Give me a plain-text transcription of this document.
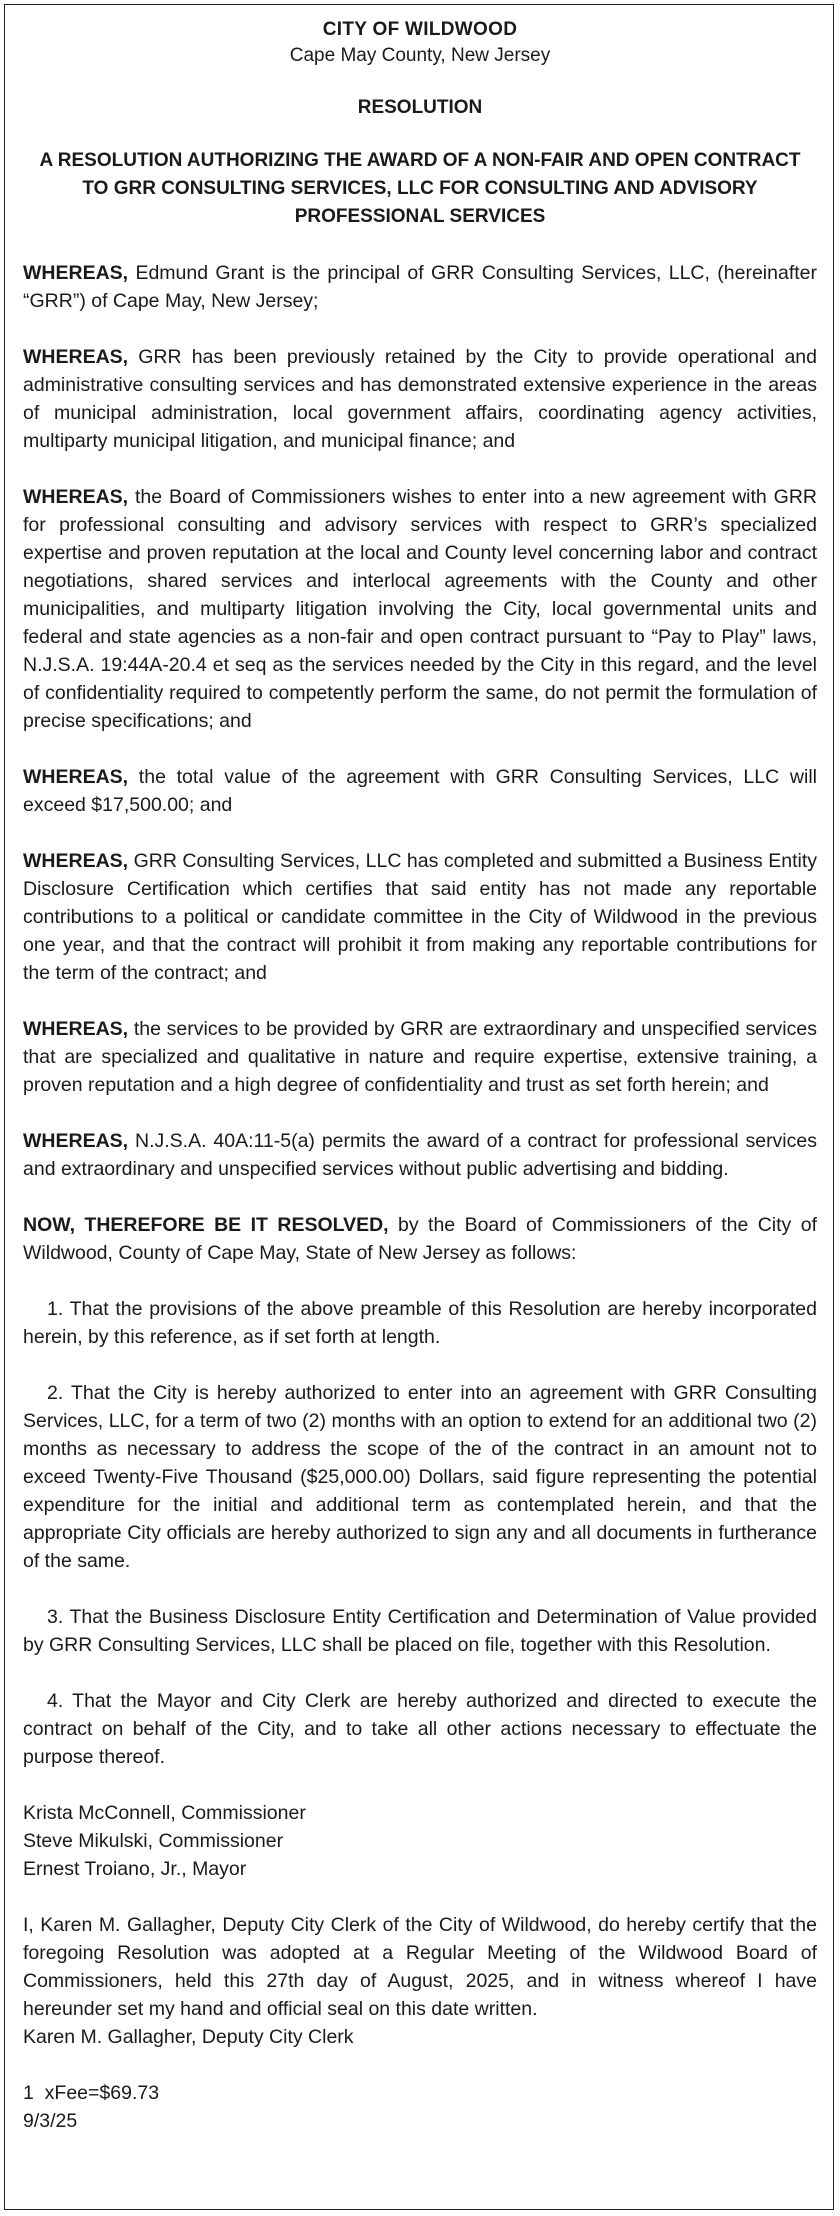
CITY OF WILDWOOD
Cape May County, New Jersey
RESOLUTION
A RESOLUTION AUTHORIZING THE AWARD OF A NON-FAIR AND OPEN CONTRACT TO GRR CONSULTING SERVICES, LLC FOR CONSULTING AND ADVISORY PROFESSIONAL SERVICES

WHEREAS, Edmund Grant is the principal of GRR Consulting Services, LLC, (hereinafter “GRR”) of Cape May, New Jersey;

WHEREAS, GRR has been previously retained by the City to provide operational and administrative consulting services and has demonstrated extensive experience in the areas of municipal administration, local government affairs, coordinating agency activities, multiparty municipal litigation, and municipal finance; and

WHEREAS, the Board of Commissioners wishes to enter into a new agreement with GRR for professional consulting and advisory services with respect to GRR’s specialized expertise and proven reputation at the local and County level concerning labor and contract negotiations, shared services and interlocal agreements with the County and other municipalities, and multiparty litigation involving the City, local governmental units and federal and state agencies as a non-fair and open contract pursuant to “Pay to Play” laws, N.J.S.A. 19:44A-20.4 et seq as the services needed by the City in this regard, and the level of confidentiality required to competently perform the same, do not permit the formulation of precise specifications; and

WHEREAS, the total value of the agreement with GRR Consulting Services, LLC will exceed $17,500.00; and

WHEREAS, GRR Consulting Services, LLC has completed and submitted a Business Entity Disclosure Certification which certifies that said entity has not made any reportable contributions to a political or candidate committee in the City of Wildwood in the previous one year, and that the contract will prohibit it from making any reportable contributions for the term of the contract; and

WHEREAS, the services to be provided by GRR are extraordinary and unspecified services that are specialized and qualitative in nature and require expertise, extensive training, a proven reputation and a high degree of confidentiality and trust as set forth herein; and

WHEREAS, N.J.S.A. 40A:11-5(a) permits the award of a contract for professional services and extraordinary and unspecified services without public advertising and bidding.

NOW, THEREFORE BE IT RESOLVED, by the Board of Commissioners of the City of Wildwood, County of Cape May, State of New Jersey as follows:

1. That the provisions of the above preamble of this Resolution are hereby incorporated herein, by this reference, as if set forth at length.

2. That the City is hereby authorized to enter into an agreement with GRR Consulting Services, LLC, for a term of two (2) months with an option to extend for an additional two (2) months as necessary to address the scope of the of the contract in an amount not to exceed Twenty-Five Thousand ($25,000.00) Dollars, said figure representing the potential expenditure for the initial and additional term as contemplated herein, and that the appropriate City officials are hereby authorized to sign any and all documents in furtherance of the same.

3. That the Business Disclosure Entity Certification and Determination of Value provided by GRR Consulting Services, LLC shall be placed on file, together with this Resolution.

4. That the Mayor and City Clerk are hereby authorized and directed to execute the contract on behalf of the City, and to take all other actions necessary to effectuate the purpose thereof.

Krista McConnell, Commissioner

Steve Mikulski, Commissioner

Ernest Troiano, Jr., Mayor

I, Karen M. Gallagher, Deputy City Clerk of the City of Wildwood, do hereby certify that the foregoing Resolution was adopted at a Regular Meeting of the Wildwood Board of Commissioners, held this 27th day of August, 2025, and in witness whereof I have hereunder set my hand and official seal on this date written.

Karen M. Gallagher, Deputy City Clerk

1  xFee=$69.73

9/3/25
